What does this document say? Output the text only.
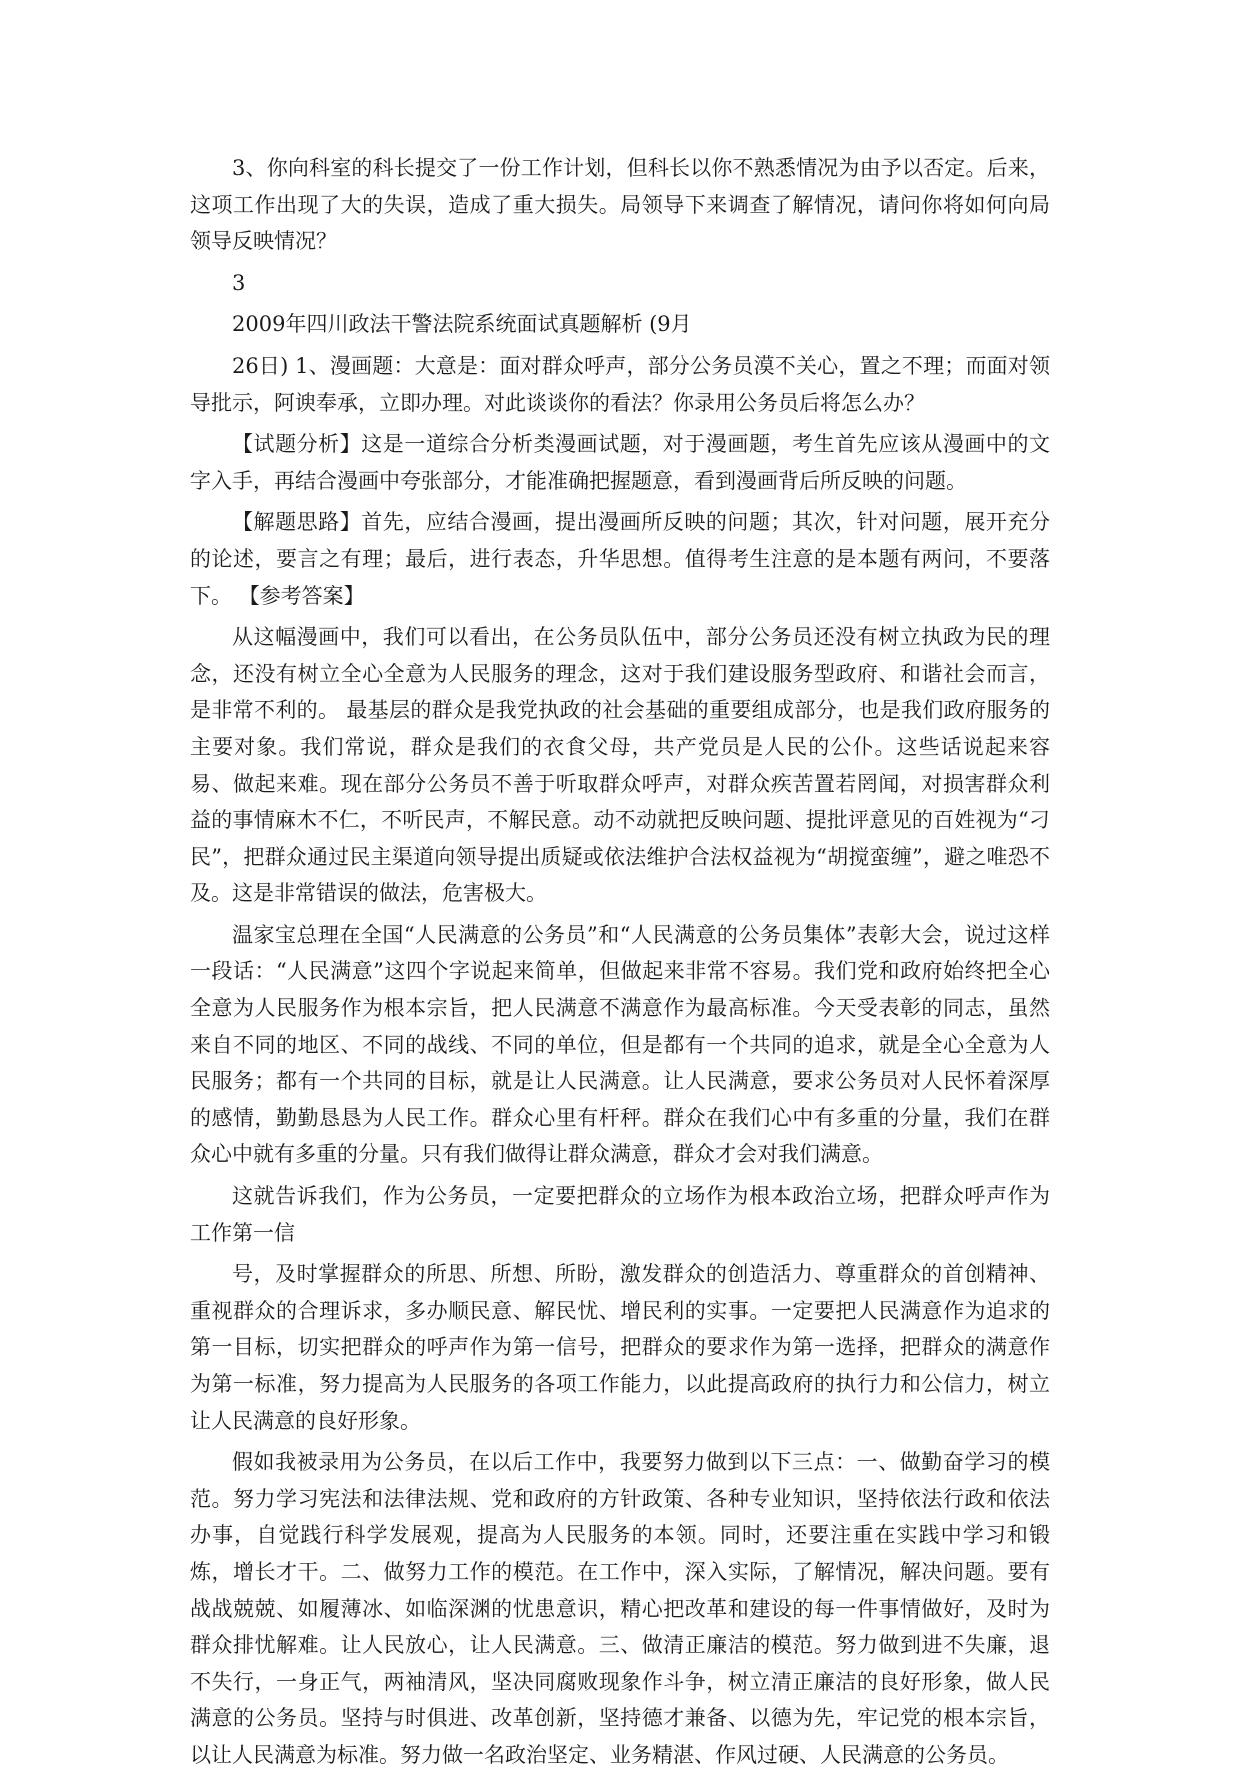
3、你向科室的科长提交了一份工作计划，但科长以你不熟悉情况为由予以否定。后来，这项工作出现了大的失误，造成了重大损失。局领导下来调查了解情况，请问你将如何向局领导反映情况？

3

2009年四川政法干警法院系统面试真题解析 (9月

26日) 1、漫画题：大意是：面对群众呼声，部分公务员漠不关心，置之不理；而面对领导批示，阿谀奉承，立即办理。对此谈谈你的看法？你录用公务员后将怎么办？

【试题分析】这是一道综合分析类漫画试题，对于漫画题，考生首先应该从漫画中的文字入手，再结合漫画中夸张部分，才能准确把握题意，看到漫画背后所反映的问题。

【解题思路】首先，应结合漫画，提出漫画所反映的问题；其次，针对问题，展开充分的论述，要言之有理；最后，进行表态，升华思想。值得考生注意的是本题有两问，不要落下。 【参考答案】

从这幅漫画中，我们可以看出，在公务员队伍中，部分公务员还没有树立执政为民的理念，还没有树立全心全意为人民服务的理念，这对于我们建设服务型政府、和谐社会而言，是非常不利的。 最基层的群众是我党执政的社会基础的重要组成部分，也是我们政府服务的主要对象。我们常说，群众是我们的衣食父母，共产党员是人民的公仆。这些话说起来容易、做起来难。现在部分公务员不善于听取群众呼声，对群众疾苦置若罔闻，对损害群众利益的事情麻木不仁，不听民声，不解民意。动不动就把反映问题、提批评意见的百姓视为“刁民”，把群众通过民主渠道向领导提出质疑或依法维护合法权益视为“胡搅蛮缠”，避之唯恐不及。这是非常错误的做法，危害极大。

温家宝总理在全国“人民满意的公务员”和“人民满意的公务员集体”表彰大会，说过这样一段话：“人民满意”这四个字说起来简单，但做起来非常不容易。我们党和政府始终把全心全意为人民服务作为根本宗旨，把人民满意不满意作为最高标准。今天受表彰的同志，虽然来自不同的地区、不同的战线、不同的单位，但是都有一个共同的追求，就是全心全意为人民服务；都有一个共同的目标，就是让人民满意。让人民满意，要求公务员对人民怀着深厚的感情，勤勤恳恳为人民工作。群众心里有杆秤。群众在我们心中有多重的分量，我们在群众心中就有多重的分量。只有我们做得让群众满意，群众才会对我们满意。

这就告诉我们，作为公务员，一定要把群众的立场作为根本政治立场，把群众呼声作为工作第一信

号，及时掌握群众的所思、所想、所盼，激发群众的创造活力、尊重群众的首创精神、重视群众的合理诉求，多办顺民意、解民忧、增民利的实事。一定要把人民满意作为追求的第一目标，切实把群众的呼声作为第一信号，把群众的要求作为第一选择，把群众的满意作为第一标准，努力提高为人民服务的各项工作能力，以此提高政府的执行力和公信力，树立让人民满意的良好形象。

假如我被录用为公务员，在以后工作中，我要努力做到以下三点：一、做勤奋学习的模范。努力学习宪法和法律法规、党和政府的方针政策、各种专业知识，坚持依法行政和依法办事，自觉践行科学发展观，提高为人民服务的本领。同时，还要注重在实践中学习和锻炼，增长才干。二、做努力工作的模范。在工作中，深入实际，了解情况，解决问题。要有战战兢兢、如履薄冰、如临深渊的忧患意识，精心把改革和建设的每一件事情做好，及时为群众排忧解难。让人民放心，让人民满意。三、做清正廉洁的模范。努力做到进不失廉，退不失行，一身正气，两袖清风，坚决同腐败现象作斗争，树立清正廉洁的良好形象，做人民满意的公务员。坚持与时俱进、改革创新，坚持德才兼备、以德为先，牢记党的根本宗旨，以让人民满意为标准。努力做一名政治坚定、业务精湛、作风过硬、人民满意的公务员。
